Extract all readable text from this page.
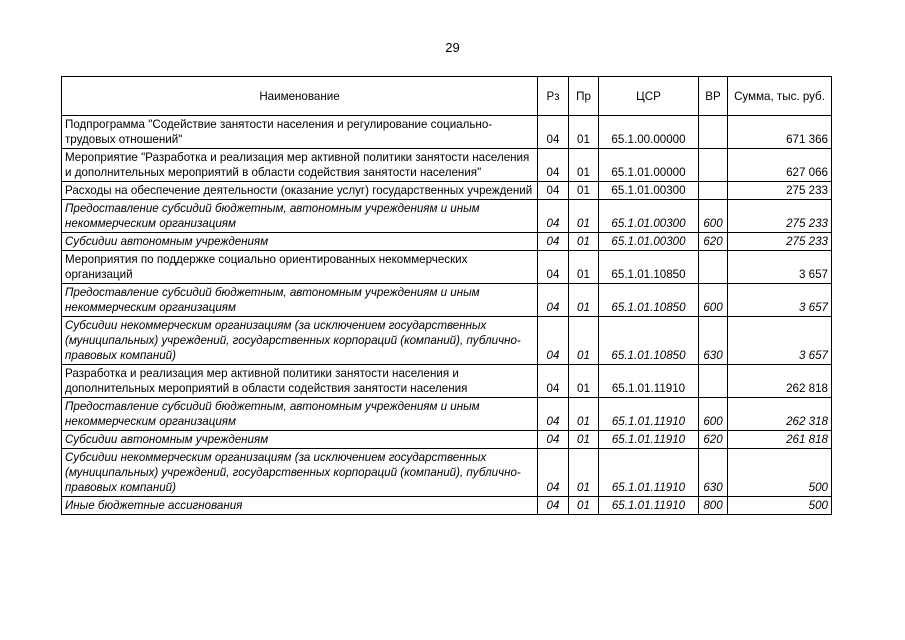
29
Наименование	Рз	Пр	ЦСР	ВР	Сумма, тыс. руб.
Подпрограмма "Содействие занятости населения и регулирование социально-трудовых отношений"	04	01	65.1.00.00000		671 366
Мероприятие "Разработка и реализация мер активной политики занятости населения и дополнительных мероприятий в области содействия занятости населения"	04	01	65.1.01.00000		627 066
Расходы на обеспечение деятельности (оказание услуг) государственных учреждений	04	01	65.1.01.00300		275 233
Предоставление субсидий бюджетным, автономным учреждениям и иным некоммерческим организациям	04	01	65.1.01.00300	600	275 233
Субсидии автономным учреждениям	04	01	65.1.01.00300	620	275 233
Мероприятия по поддержке социально ориентированных некоммерческих организаций	04	01	65.1.01.10850		3 657
Предоставление субсидий бюджетным, автономным учреждениям и иным некоммерческим организациям	04	01	65.1.01.10850	600	3 657
Субсидии некоммерческим организациям (за исключением государственных (муниципальных) учреждений, государственных корпораций (компаний), публично-правовых компаний)	04	01	65.1.01.10850	630	3 657
Разработка и реализация мер активной политики занятости населения и дополнительных мероприятий в области содействия занятости населения	04	01	65.1.01.11910		262 818
Предоставление субсидий бюджетным, автономным учреждениям и иным некоммерческим организациям	04	01	65.1.01.11910	600	262 318
Субсидии автономным учреждениям	04	01	65.1.01.11910	620	261 818
Субсидии некоммерческим организациям (за исключением государственных (муниципальных) учреждений, государственных корпораций (компаний), публично-правовых компаний)	04	01	65.1.01.11910	630	500
Иные бюджетные ассигнования	04	01	65.1.01.11910	800	500
